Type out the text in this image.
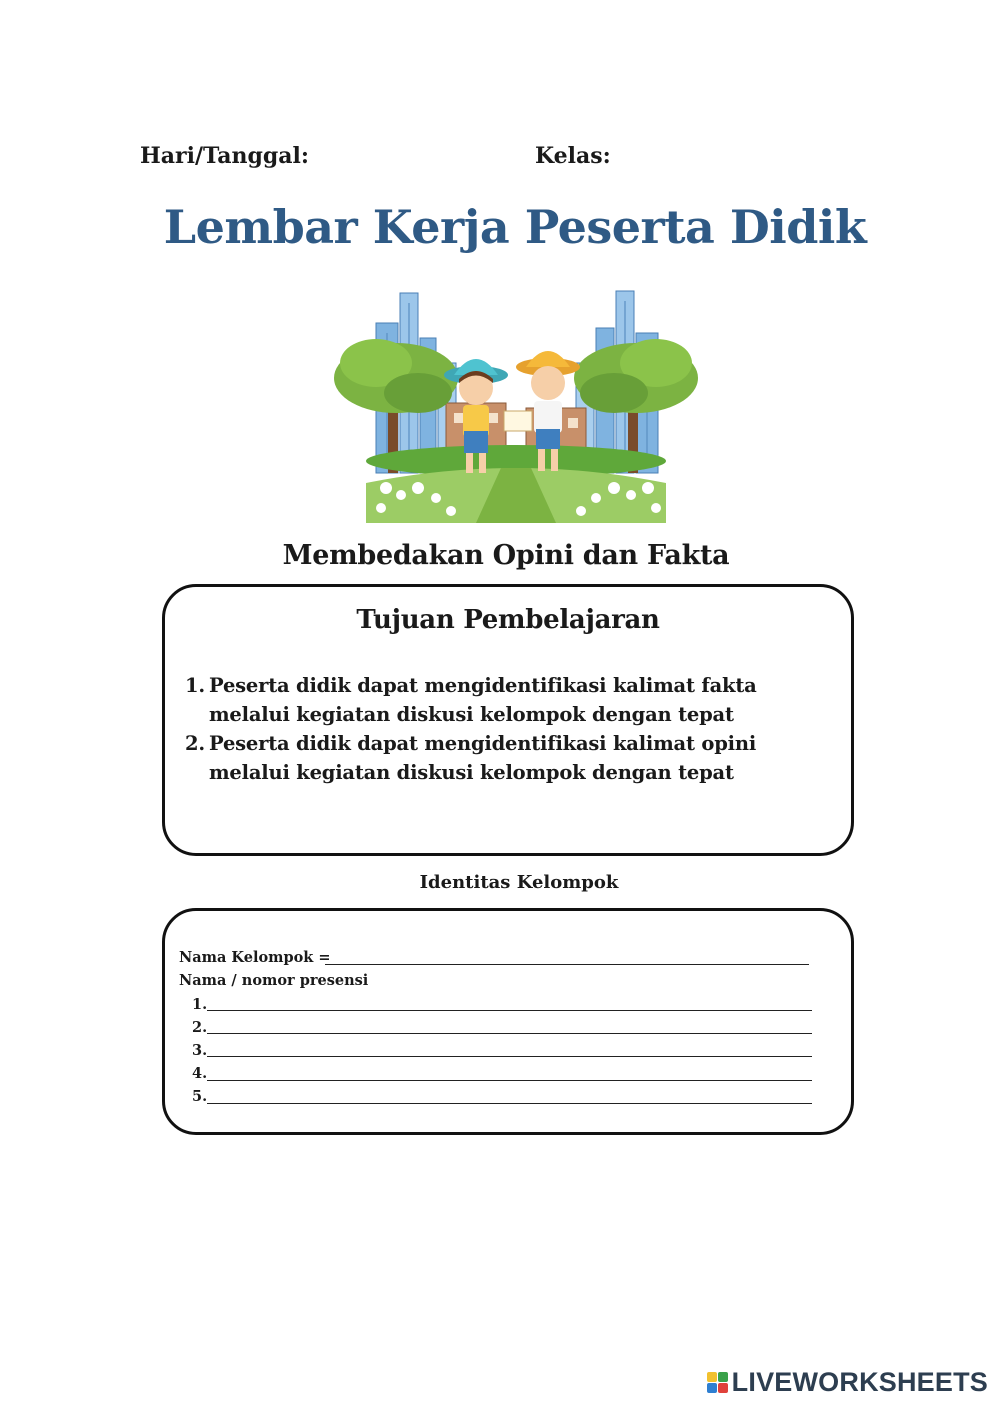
Hari/Tanggal:	Kelas:
Lembar Kerja Peserta Didik
Membedakan Opini dan Fakta
Tujuan Pembelajaran
1. Peserta didik dapat mengidentifikasi kalimat fakta melalui kegiatan diskusi kelompok dengan tepat
2. Peserta didik dapat mengidentifikasi kalimat opini melalui kegiatan diskusi kelompok dengan tepat
Identitas Kelompok
Nama Kelompok =
Nama / nomor presensi
1.
2.
3.
4.
5.
LIVEWORKSHEETS
